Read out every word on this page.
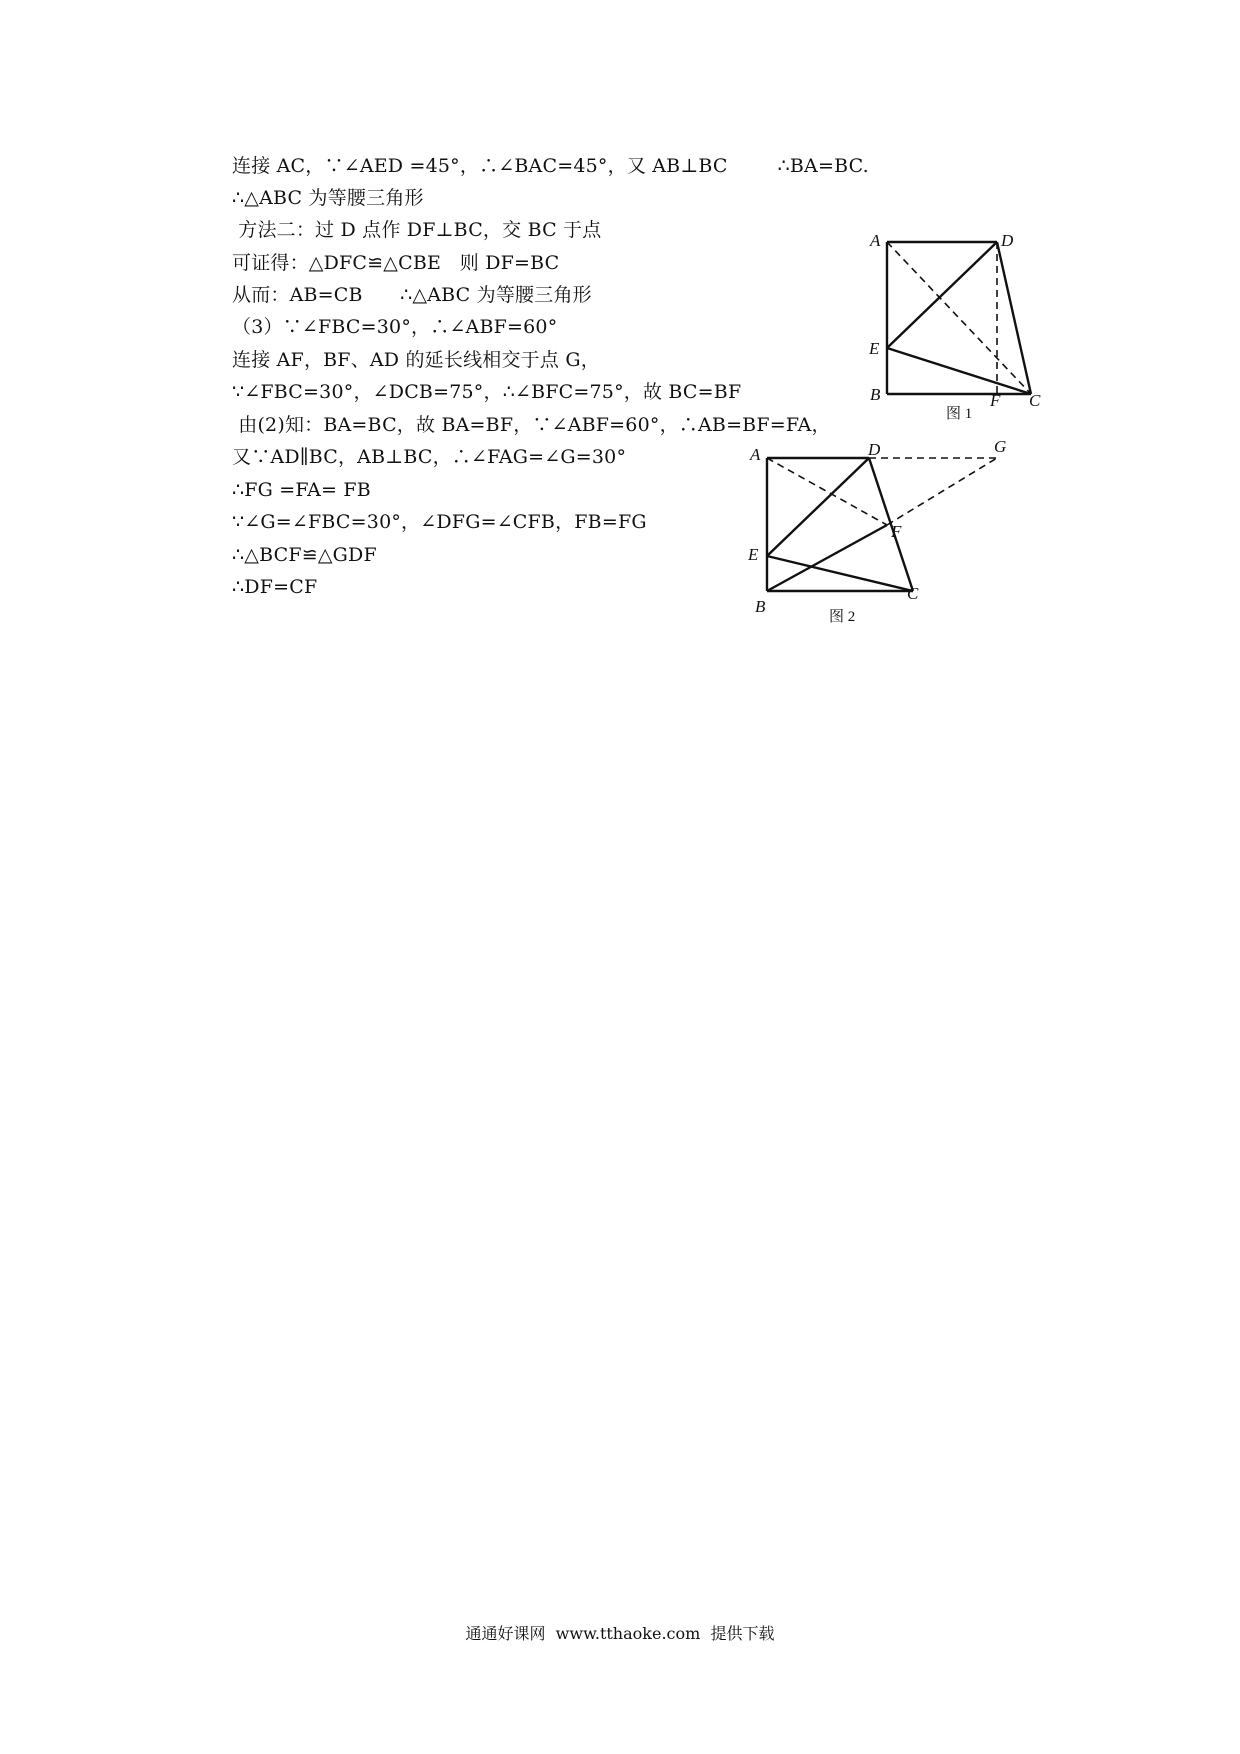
连接 AC，∵∠AED =45°，∴∠BAC=45°，又 AB⊥BC        ∴BA=BC.
∴△ABC 为等腰三角形
方法二：过 D 点作 DF⊥BC，交 BC 于点
可证得：△DFC≌△CBE   则 DF=BC
从而：AB=CB      ∴△ABC 为等腰三角形
（3）∵∠FBC=30°，∴∠ABF=60°
连接 AF，BF、AD 的延长线相交于点 G，
∵∠FBC=30°，∠DCB=75°，∴∠BFC=75°，故 BC=BF
由(2)知：BA=BC，故 BA=BF，∵∠ABF=60°，∴AB=BF=FA，
又∵AD∥BC，AB⊥BC，∴∠FAG=∠G=30°
∴FG =FA= FB
∵∠G=∠FBC=30°，∠DFG=∠CFB，FB=FG
∴△BCF≌△GDF
∴DF=CF
A	D
E
B	F C
图 1
A	D	G
F
E
B
C
图 2
通通好课网  www.tthaoke.com  提供下载
